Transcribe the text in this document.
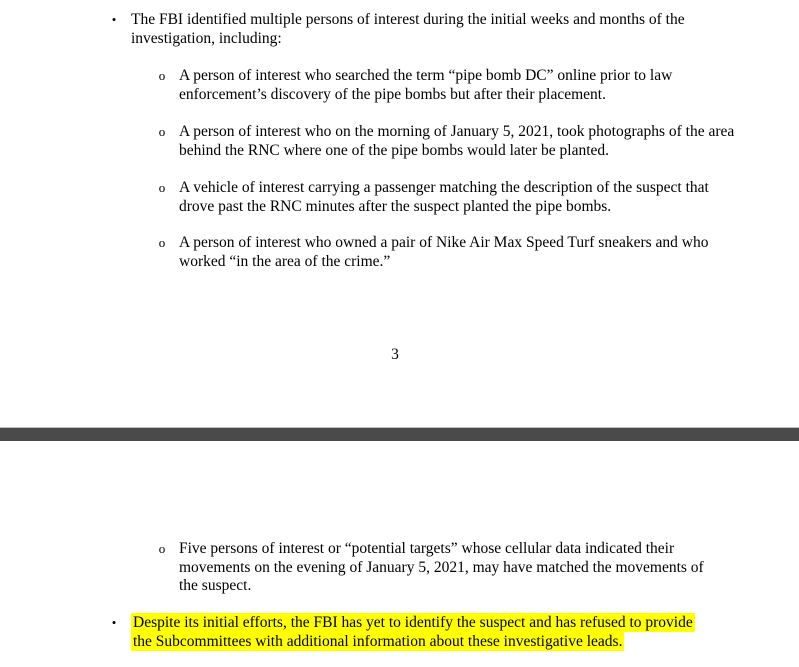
• The FBI identified multiple persons of interest during the initial weeks and months of the investigation, including:
o A person of interest who searched the term “pipe bomb DC” online prior to law enforcement’s discovery of the pipe bombs but after their placement.
o A person of interest who on the morning of January 5, 2021, took photographs of the area behind the RNC where one of the pipe bombs would later be planted.
o A vehicle of interest carrying a passenger matching the description of the suspect that drove past the RNC minutes after the suspect planted the pipe bombs.
o A person of interest who owned a pair of Nike Air Max Speed Turf sneakers and who worked “in the area of the crime.”
3
o Five persons of interest or “potential targets” whose cellular data indicated their movements on the evening of January 5, 2021, may have matched the movements of the suspect.
• Despite its initial efforts, the FBI has yet to identify the suspect and has refused to provide the Subcommittees with additional information about these investigative leads.
